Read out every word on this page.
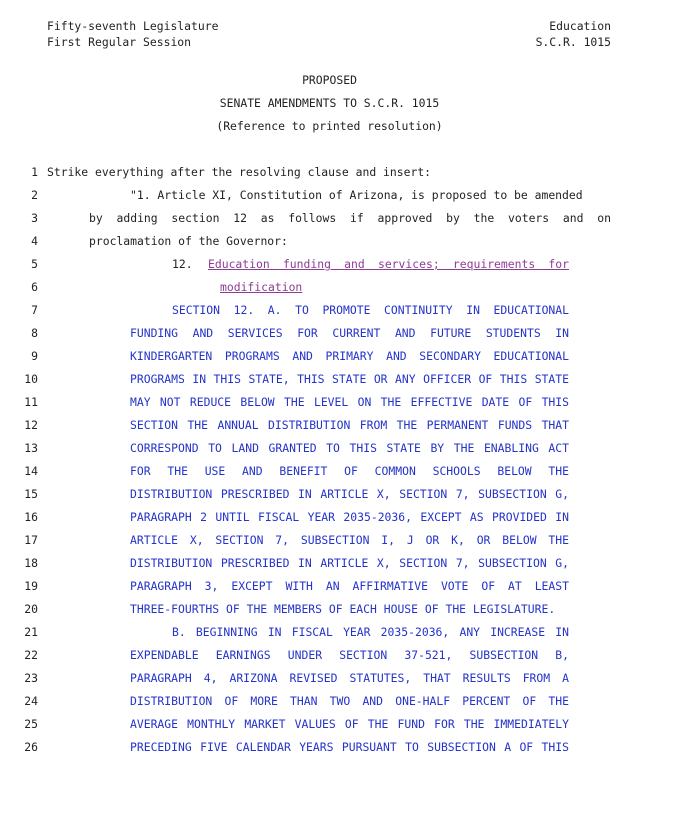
Fifty-seventh Legislature
First Regular Session
Education
S.C.R. 1015
PROPOSED
SENATE AMENDMENTS TO S.C.R. 1015
(Reference to printed resolution)
1
2
3
4
5
6
7
8
9
10
11
12
13
14
15
16
17
18
19
20
21
22
23
24
25
26
Strike everything after the resolving clause and insert:
"1. Article XI, Constitution of Arizona, is proposed to be amended
by adding section 12 as follows if approved by the voters and on
proclamation of the Governor:
12. Education funding and services; requirements for
modification
SECTION 12. A. TO PROMOTE CONTINUITY IN EDUCATIONAL
FUNDING AND SERVICES FOR CURRENT AND FUTURE STUDENTS IN
KINDERGARTEN PROGRAMS AND PRIMARY AND SECONDARY EDUCATIONAL
PROGRAMS IN THIS STATE, THIS STATE OR ANY OFFICER OF THIS STATE
MAY NOT REDUCE BELOW THE LEVEL ON THE EFFECTIVE DATE OF THIS
SECTION THE ANNUAL DISTRIBUTION FROM THE PERMANENT FUNDS THAT
CORRESPOND TO LAND GRANTED TO THIS STATE BY THE ENABLING ACT
FOR THE USE AND BENEFIT OF COMMON SCHOOLS BELOW THE
DISTRIBUTION PRESCRIBED IN ARTICLE X, SECTION 7, SUBSECTION G,
PARAGRAPH 2 UNTIL FISCAL YEAR 2035-2036, EXCEPT AS PROVIDED IN
ARTICLE X, SECTION 7, SUBSECTION I, J OR K, OR BELOW THE
DISTRIBUTION PRESCRIBED IN ARTICLE X, SECTION 7, SUBSECTION G,
PARAGRAPH 3, EXCEPT WITH AN AFFIRMATIVE VOTE OF AT LEAST
THREE-FOURTHS OF THE MEMBERS OF EACH HOUSE OF THE LEGISLATURE.
B. BEGINNING IN FISCAL YEAR 2035-2036, ANY INCREASE IN
EXPENDABLE EARNINGS UNDER SECTION 37-521, SUBSECTION B,
PARAGRAPH 4, ARIZONA REVISED STATUTES, THAT RESULTS FROM A
DISTRIBUTION OF MORE THAN TWO AND ONE-HALF PERCENT OF THE
AVERAGE MONTHLY MARKET VALUES OF THE FUND FOR THE IMMEDIATELY
PRECEDING FIVE CALENDAR YEARS PURSUANT TO SUBSECTION A OF THIS
